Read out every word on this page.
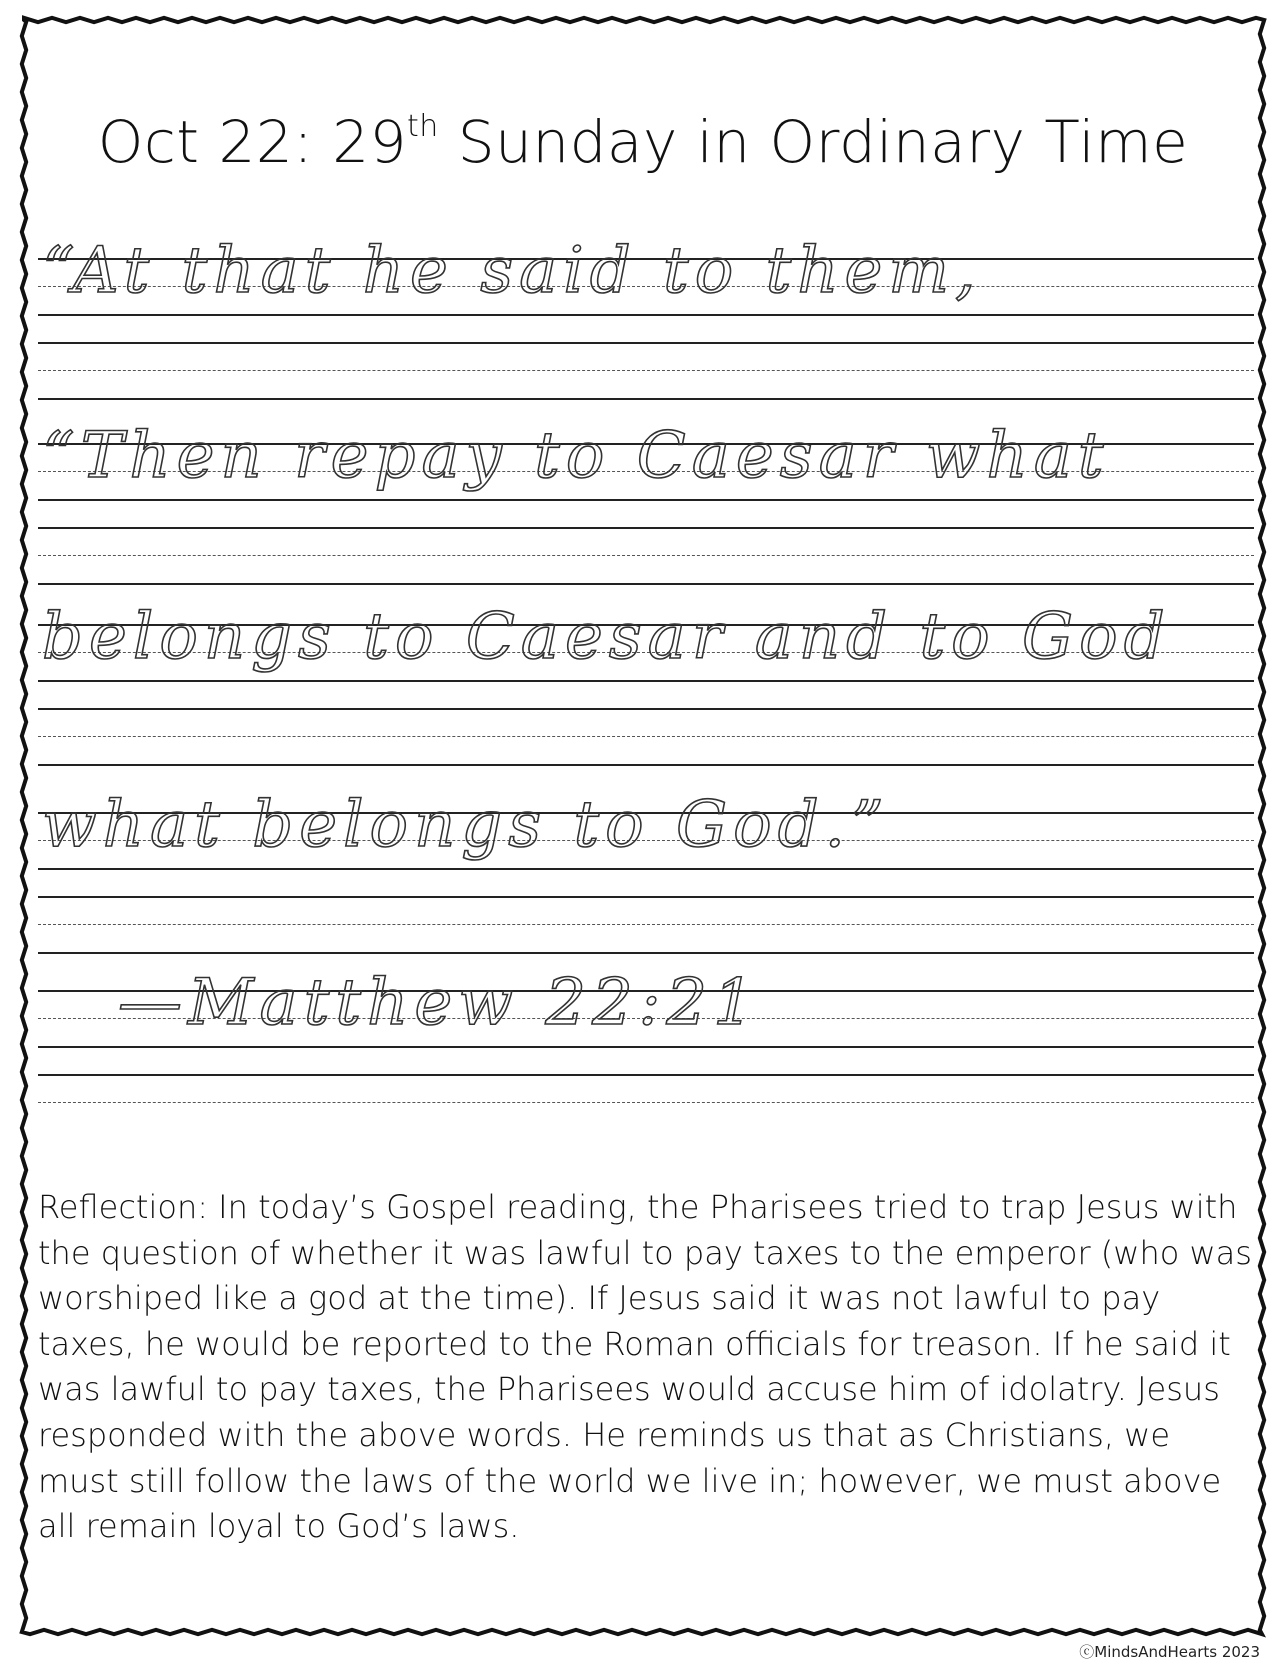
Oct 22: 29th Sunday in Ordinary Time
“At that he said to them,
“Then repay to Caesar what
belongs to Caesar and to God
what belongs to God.”
—Matthew 22:21
Reflection: In today’s Gospel reading, the Pharisees tried to trap Jesus with the question of whether it was lawful to pay taxes to the emperor (who was worshiped like a god at the time). If Jesus said it was not lawful to pay taxes, he would be reported to the Roman officials for treason. If he said it was lawful to pay taxes, the Pharisees would accuse him of idolatry. Jesus responded with the above words. He reminds us that as Christians, we must still follow the laws of the world we live in; however, we must above all remain loyal to God’s laws.
ⓒMindsAndHearts 2023
